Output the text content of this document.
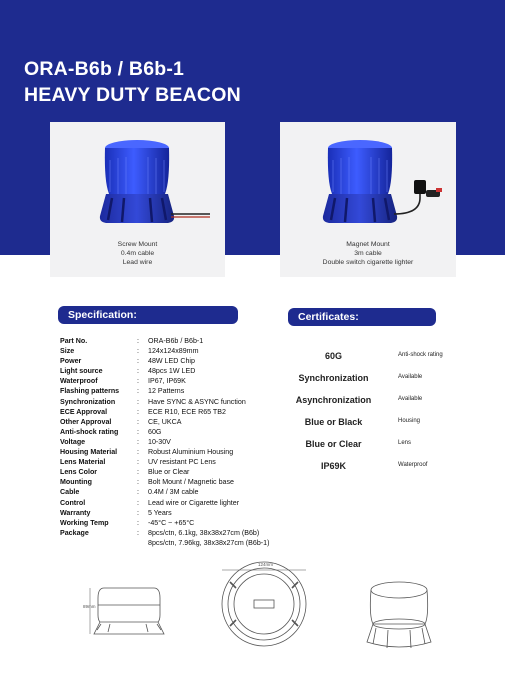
ORA-B6b / B6b-1
HEAVY DUTY BEACON
Screw Mount
0.4m cable
Lead wire
Magnet Mount
3m cable
Double switch cigarette lighter
Specification:	Certificates:
Part No.	:	ORA-B6b / B6b-1
Size	:	124x124x89mm
Power	:	48W LED Chip
Light source	:	48pcs 1W LED
Waterproof	:	IP67, IP69K
Flashing patterns	:	12 Patterns
Synchronization	:	Have SYNC & ASYNC function
ECE Approval	:	ECE R10, ECE R65 TB2
Other Approval	:	CE, UKCA
Anti-shock rating	:	60G
Voltage	:	10-30V
Housing Material	:	Robust Aluminium Housing
Lens Material	:	UV resistant PC Lens
Lens Color	:	Blue or Clear
Mounting	:	Bolt Mount / Magnetic base
Cable	:	0.4M / 3M cable
Control	:	Lead wire or Cigarette lighter
Warranty	:	5 Years
Working Temp	:	-45°C ~ +65°C
Package	:	8pcs/ctn, 6.1kg, 38x38x27cm (B6b)
		8pcs/ctn, 7.96kg, 38x38x27cm (B6b-1)
60G	Anti-shock rating
Synchronization	Available
Asynchronization	Available
Blue or Black	Housing
Blue or Clear	Lens
IP69K	Waterproof
89mm
124mm
